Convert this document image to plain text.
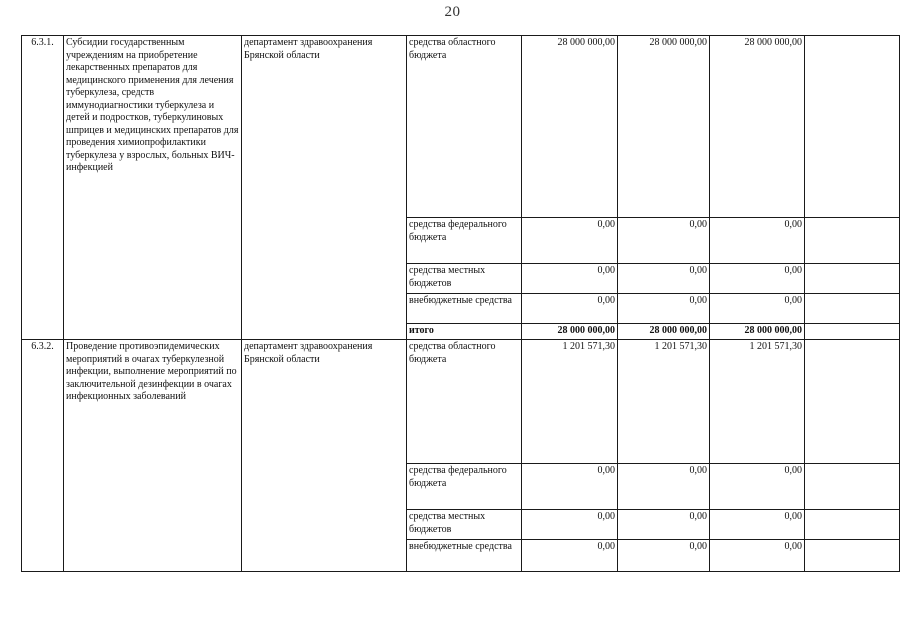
20
6.3.1.	Субсидии государственным учреждениям на приобретение лекарственных препаратов для медицинского применения для лечения туберкулеза, средств иммунодиагностики туберкулеза и детей и подростков, туберкулиновых шприцев и медицинских препаратов для проведения химиопрофилактики туберкулеза у взрослых, больных ВИЧ-инфекцией	департамент здравоохранения Брянской области	средства областного бюджета	28 000 000,00	28 000 000,00	28 000 000,00	
			средства федерального бюджета	0,00	0,00	0,00	
			средства местных бюджетов	0,00	0,00	0,00	
			внебюджетные средства	0,00	0,00	0,00	
			итого	28 000 000,00	28 000 000,00	28 000 000,00	
6.3.2.	Проведение противоэпидемических мероприятий в очагах туберкулезной инфекции, выполнение мероприятий по заключительной дезинфекции в очагах инфекционных заболеваний	департамент здравоохранения Брянской области	средства областного бюджета	1 201 571,30	1 201 571,30	1 201 571,30	
			средства федерального бюджета	0,00	0,00	0,00	
			средства местных бюджетов	0,00	0,00	0,00	
			внебюджетные средства	0,00	0,00	0,00	
